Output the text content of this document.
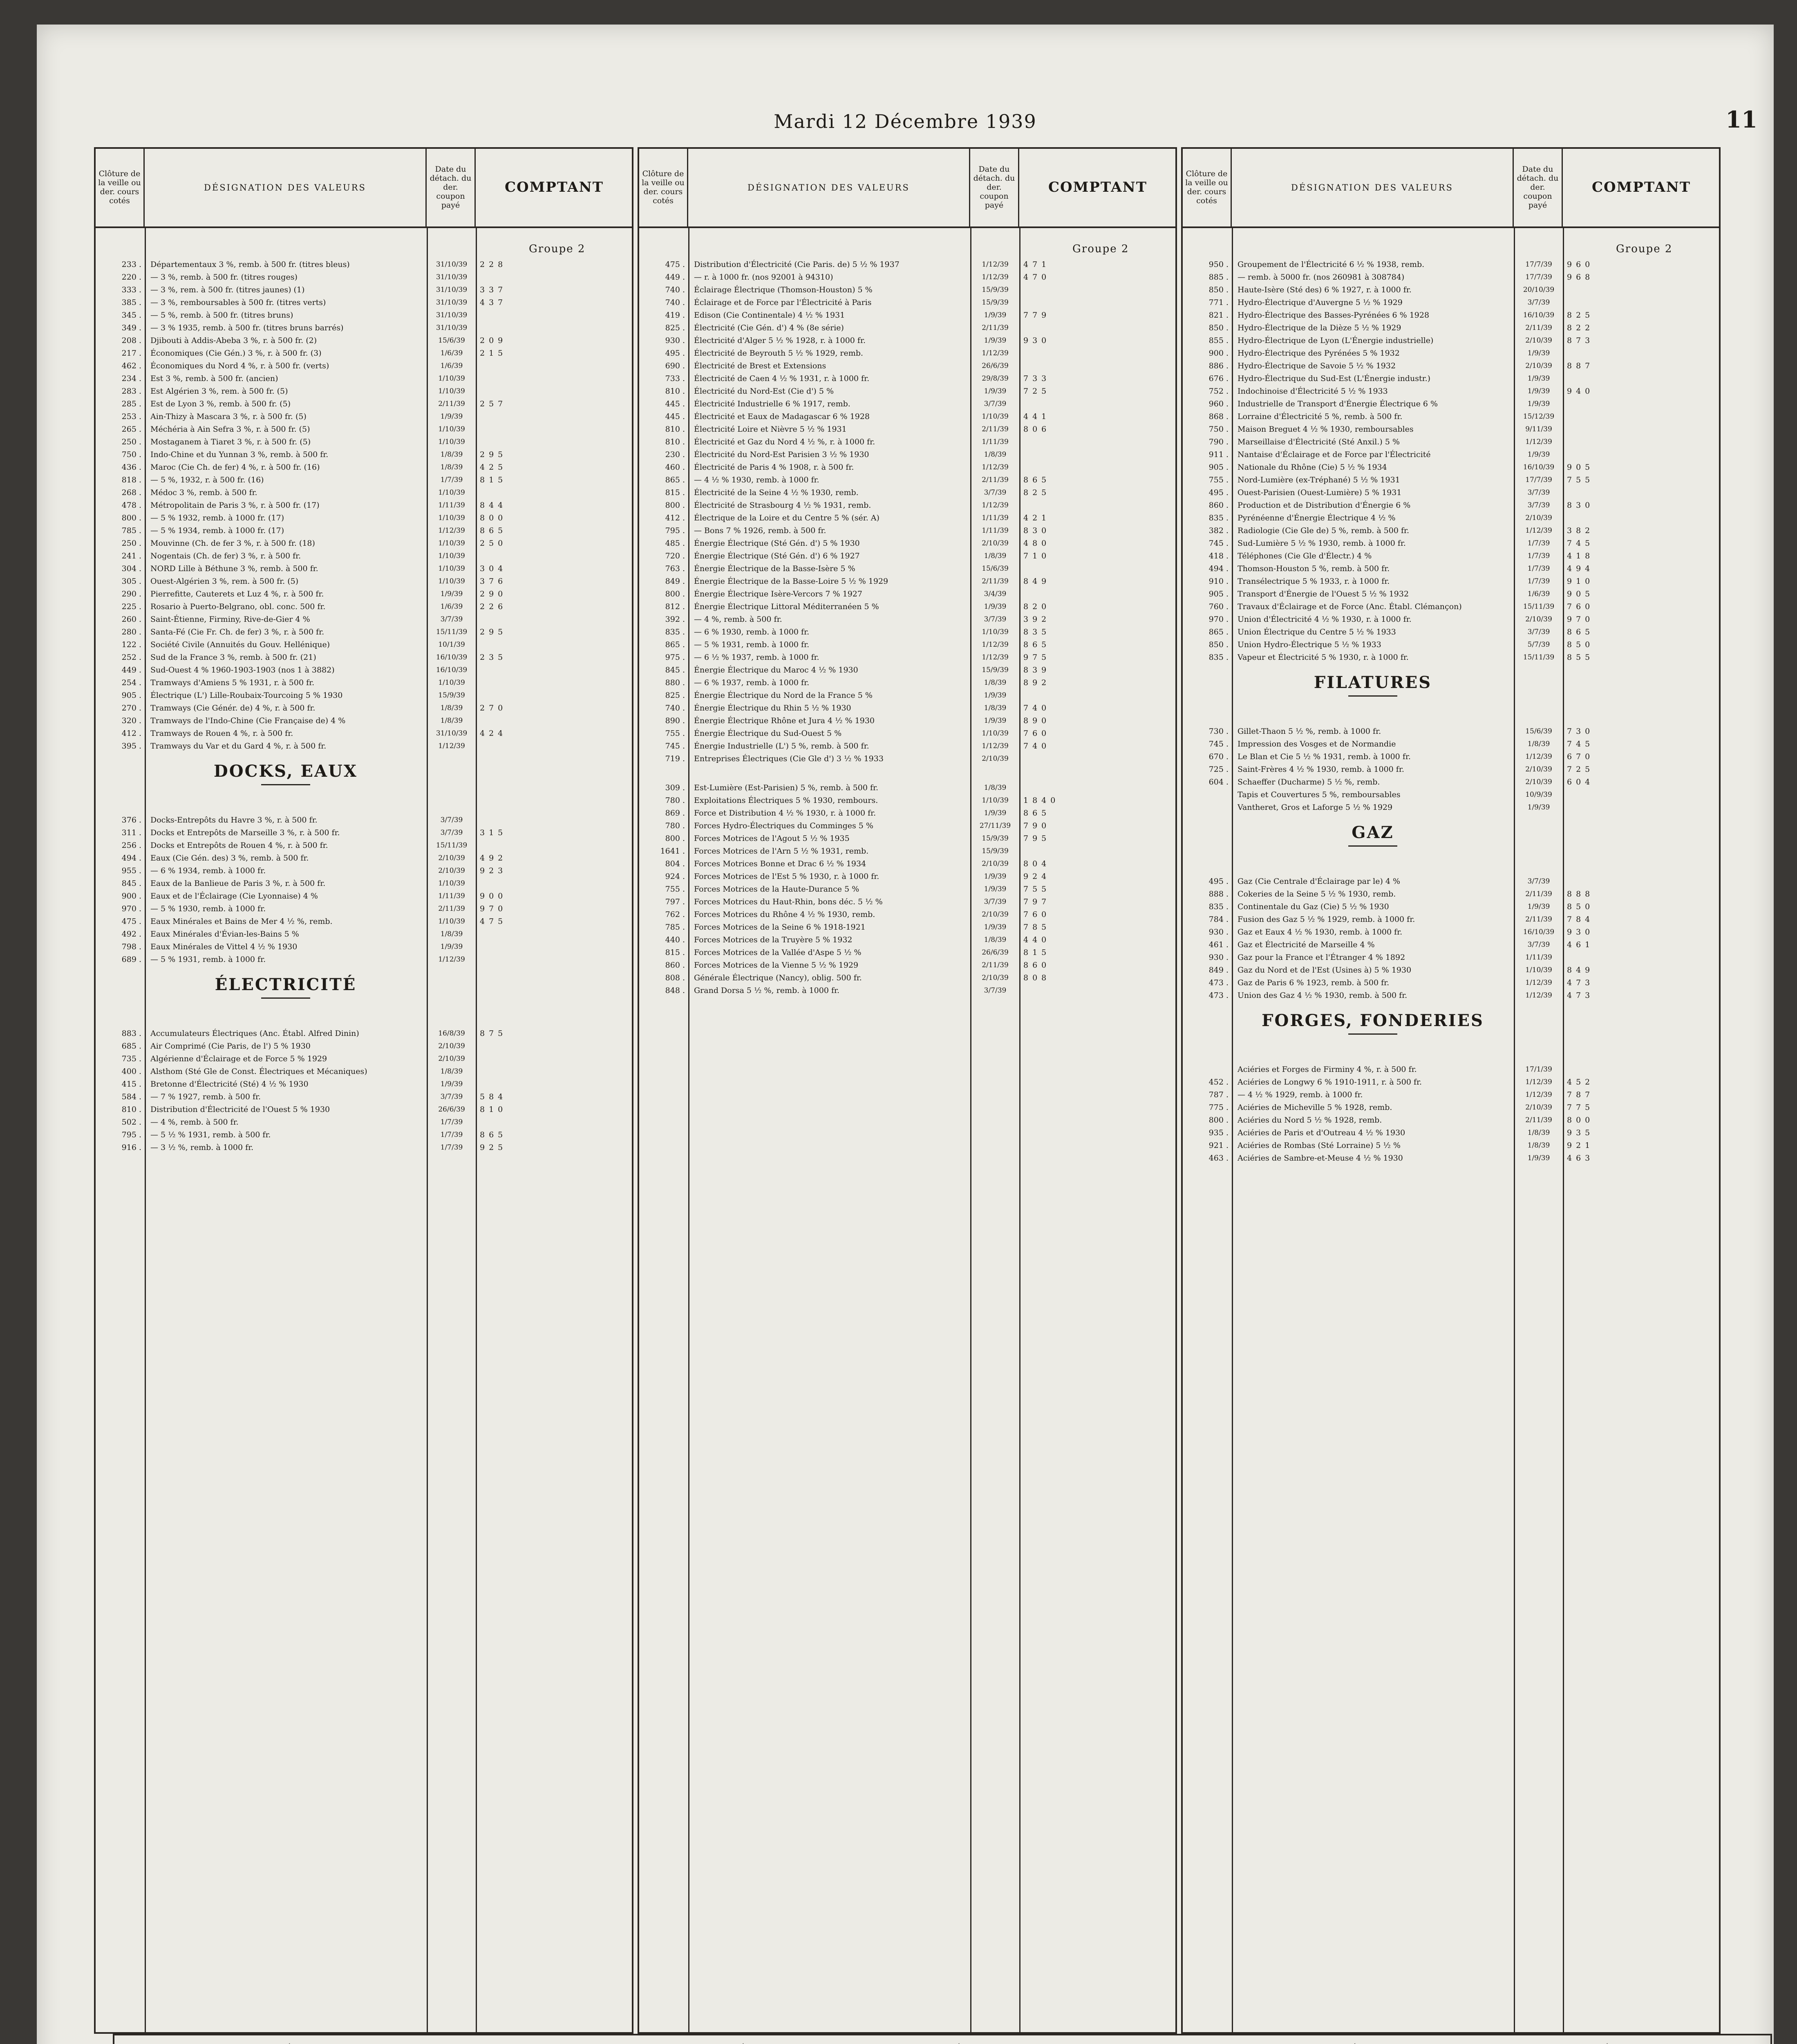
Mardi 12 Décembre 1939	11
Clôture de la veille ou der. cours cotés
DÉSIGNATION DES VALEURS
Date du détach. du der. coupon payé
COMPTANT
Groupe 2
233 . Départementaux 3 %, remb. à 500 fr. (titres bleus)	31/10/39	228
220 . — 3 %, remb. à 500 fr. (titres rouges)	31/10/39
333 . — 3 %, rem. à 500 fr. (titres jaunes) (1)	31/10/39	337
385 . — 3 %, remboursables à 500 fr. (titres verts)	31/10/39	437
345 . — 5 %, remb. à 500 fr. (titres bruns)	31/10/39
349 . — 3 % 1935, remb. à 500 fr. (titres bruns barrés)	31/10/39
208 . Djibouti à Addis-Abeba 3 %, r. à 500 fr. (2)	15/6/39	209
217 . Économiques (Cie Gén.) 3 %, r. à 500 fr. (3)	1/6/39	215
462 . Économiques du Nord 4 %, r. à 500 fr. (verts)	1/6/39
234 . Est 3 %, remb. à 500 fr. (ancien)	1/10/39
283 . Est Algérien 3 %, rem. à 500 fr. (5)	1/10/39
285 . Est de Lyon 3 %, remb. à 500 fr. (5)	2/11/39	257
253 . Ain-Thizy à Mascara 3 %, r. à 500 fr. (5)	1/9/39
265 . Méchéria à Ain Sefra 3 %, r. à 500 fr. (5)	1/10/39
250 . Mostaganem à Tiaret 3 %, r. à 500 fr. (5)	1/10/39
750 . Indo-Chine et du Yunnan 3 %, remb. à 500 fr.	1/8/39	295
436 . Maroc (Cie Ch. de fer) 4 %, r. à 500 fr. (16)	1/8/39	425
818 . — 5 %, 1932, r. à 500 fr. (16)	1/7/39	815
268 . Médoc 3 %, remb. à 500 fr.	1/10/39
478 . Métropolitain de Paris 3 %, r. à 500 fr. (17)	1/11/39	844
800 . — 5 % 1932, remb. à 1000 fr. (17)	1/10/39	800
785 . — 5 % 1934, remb. à 1000 fr. (17)	1/12/39	865
250 . Mouvinne (Ch. de fer 3 %, r. à 500 fr. (18)	1/10/39	250
241 . Nogentais (Ch. de fer) 3 %, r. à 500 fr.	1/10/39
304 . NORD Lille à Béthune 3 %, remb. à 500 fr.	1/10/39	304
305 . Ouest-Algérien 3 %, rem. à 500 fr. (5)	1/10/39	376
290 . Pierrefitte, Cauterets et Luz 4 %, r. à 500 fr.	1/9/39	290
225 . Rosario à Puerto-Belgrano, obl. conc. 500 fr.	1/6/39	226
260 . Saint-Étienne, Firminy, Rive-de-Gier 4 %	3/7/39
280 . Santa-Fé (Cie Fr. Ch. de fer) 3 %, r. à 500 fr.	15/11/39	295
122 . Société Civile (Annuités du Gouv. Hellénique)	10/1/39
252 . Sud de la France 3 %, remb. à 500 fr. (21)	16/10/39	235
449 . Sud-Ouest 4 % 1960-1903-1903 (nos 1 à 3882)	16/10/39
254 . Tramways d'Amiens 5 % 1931, r. à 500 fr.	1/10/39
905 . Électrique (L') Lille-Roubaix-Tourcoing 5 % 1930	15/9/39
270 . Tramways (Cie Génér. de) 4 %, r. à 500 fr.	1/8/39	270
320 . Tramways de l'Indo-Chine (Cie Française de) 4 %	1/8/39
412 . Tramways de Rouen 4 %, r. à 500 fr.	31/10/39	424
395 . Tramways du Var et du Gard 4 %, r. à 500 fr.	1/12/39
DOCKS, EAUX
376 . Docks-Entrepôts du Havre 3 %, r. à 500 fr.	3/7/39
311 . Docks et Entrepôts de Marseille 3 %, r. à 500 fr.	3/7/39	315
256 . Docks et Entrepôts de Rouen 4 %, r. à 500 fr.	15/11/39
494 . Eaux (Cie Gén. des) 3 %, remb. à 500 fr.	2/10/39	492
955 . — 6 % 1934, remb. à 1000 fr.	2/10/39	923
845 . Eaux de la Banlieue de Paris 3 %, r. à 500 fr.	1/10/39
900 . Eaux et de l'Éclairage (Cie Lyonnaise) 4 %	1/11/39	900
970 . — 5 % 1930, remb. à 1000 fr.	2/11/39	970
475 . Eaux Minérales et Bains de Mer 4 ½ %, remb.	1/10/39	475
492 . Eaux Minérales d'Évian-les-Bains 5 %	1/8/39
798 . Eaux Minérales de Vittel 4 ½ % 1930	1/9/39
689 . — 5 % 1931, remb. à 1000 fr.	1/12/39
ÉLECTRICITÉ
883 . Accumulateurs Électriques (Anc. Établ. Alfred Dinin)	16/8/39	875
685 . Air Comprimé (Cie Paris, de l') 5 % 1930	2/10/39
735 . Algérienne d'Éclairage et de Force 5 % 1929	2/10/39
400 . Alsthom (Sté Gle de Const. Électriques et Mécaniques)	1/8/39
415 . Bretonne d'Électricité (Sté) 4 ½ % 1930	1/9/39
584 . — 7 % 1927, remb. à 500 fr.	3/7/39	584
810 . Distribution d'Électricité de l'Ouest 5 % 1930	26/6/39	810
502 . — 4 %, remb. à 500 fr.	1/7/39
795 . — 5 ½ % 1931, remb. à 500 fr.	1/7/39	865
916 . — 3 ½ %, remb. à 1000 fr.	1/7/39	925
Clôture de la veille ou der. cours cotés
DÉSIGNATION DES VALEURS
Date du détach. du der. coupon payé
COMPTANT
Groupe 2
475 . Distribution d'Électricité (Cie Paris. de) 5 ½ % 1937	1/12/39	471
449 . — r. à 1000 fr. (nos 92001 à 94310)	1/12/39	470
740 . Éclairage Électrique (Thomson-Houston) 5 %	15/9/39
740 . Éclairage et de Force par l'Électricité à Paris	15/9/39
419 . Edison (Cie Continentale) 4 ½ % 1931	1/9/39	779
825 . Électricité (Cie Gén. d') 4 % (8e série)	2/11/39
930 . Électricité d'Alger 5 ½ % 1928, r. à 1000 fr.	1/9/39	930
495 . Électricité de Beyrouth 5 ½ % 1929, remb.	1/12/39
690 . Électricité de Brest et Extensions	26/6/39
733 . Électricité de Caen 4 ½ % 1931, r. à 1000 fr.	29/8/39	733
810 . Électricité du Nord-Est (Cie d') 5 %	1/9/39	725
445 . Électricité Industrielle 6 % 1917, remb.	3/7/39
445 . Électricité et Eaux de Madagascar 6 % 1928	1/10/39	441
810 . Électricité Loire et Nièvre 5 ½ % 1931	2/11/39	806
810 . Électricité et Gaz du Nord 4 ½ %, r. à 1000 fr.	1/11/39
230 . Électricité du Nord-Est Parisien 3 ½ % 1930	1/8/39
460 . Électricité de Paris 4 % 1908, r. à 500 fr.	1/12/39
865 . — 4 ½ % 1930, remb. à 1000 fr.	2/11/39	865
815 . Électricité de la Seine 4 ½ % 1930, remb.	3/7/39	825
800 . Électricité de Strasbourg 4 ½ % 1931, remb.	1/12/39
412 . Électrique de la Loire et du Centre 5 % (sér. A)	1/11/39	421
795 . — Bons 7 % 1926, remb. à 500 fr.	1/11/39	830
485 . Énergie Électrique (Sté Gén. d') 5 % 1930	2/10/39	480
720 . Énergie Électrique (Sté Gén. d') 6 % 1927	1/8/39	710
763 . Énergie Électrique de la Basse-Isère 5 %	15/6/39
849 . Énergie Électrique de la Basse-Loire 5 ½ % 1929	2/11/39	849
800 . Énergie Électrique Isère-Vercors 7 % 1927	3/4/39
812 . Énergie Électrique Littoral Méditerranéen 5 %	1/9/39	820
392 . — 4 %, remb. à 500 fr.	3/7/39	392
835 . — 6 % 1930, remb. à 1000 fr.	1/10/39	835
865 . — 5 % 1931, remb. à 1000 fr.	1/12/39	865
975 . — 6 ½ % 1937, remb. à 1000 fr.	1/12/39	975
845 . Énergie Électrique du Maroc 4 ½ % 1930	15/9/39	839
880 . — 6 % 1937, remb. à 1000 fr.	1/8/39	892
825 . Énergie Électrique du Nord de la France 5 %	1/9/39
740 . Énergie Électrique du Rhin 5 ½ % 1930	1/8/39	740
890 . Énergie Électrique Rhône et Jura 4 ½ % 1930	1/9/39	890
755 . Énergie Électrique du Sud-Ouest 5 %	1/10/39	760
745 . Énergie Industrielle (L') 5 %, remb. à 500 fr.	1/12/39	740
719 . Entreprises Électriques (Cie Gle d') 3 ½ % 1933	2/10/39
309 . Est-Lumière (Est-Parisien) 5 %, remb. à 500 fr.	1/8/39
780 . Exploitations Électriques 5 % 1930, rembours.	1/10/39	1840
869 . Force et Distribution 4 ½ % 1930, r. à 1000 fr.	1/9/39	865
780 . Forces Hydro-Électriques du Comminges 5 %	27/11/39	790
800 . Forces Motrices de l'Agout 5 ½ % 1935	15/9/39	795
1641 . Forces Motrices de l'Arn 5 ½ % 1931, remb.	15/9/39
804 . Forces Motrices Bonne et Drac 6 ½ % 1934	2/10/39	804
924 . Forces Motrices de l'Est 5 % 1930, r. à 1000 fr.	1/9/39	924
755 . Forces Motrices de la Haute-Durance 5 %	1/9/39	755
797 . Forces Motrices du Haut-Rhin, bons déc. 5 ½ %	3/7/39	797
762 . Forces Motrices du Rhône 4 ½ % 1930, remb.	2/10/39	760
785 . Forces Motrices de la Seine 6 % 1918-1921	1/9/39	785
440 . Forces Motrices de la Truyère 5 % 1932	1/8/39	440
815 . Forces Motrices de la Vallée d'Aspe 5 ½ %	26/6/39	815
860 . Forces Motrices de la Vienne 5 ½ % 1929	2/11/39	860
808 . Générale Électrique (Nancy), oblig. 500 fr.	2/10/39	808
848 . Grand Dorsa 5 ½ %, remb. à 1000 fr.	3/7/39
Clôture de la veille ou der. cours cotés
DÉSIGNATION DES VALEURS
Date du détach. du der. coupon payé
COMPTANT
Groupe 2
950 . Groupement de l'Électricité 6 ½ % 1938, remb.	17/7/39	960
885 . — remb. à 5000 fr. (nos 260981 à 308784)	17/7/39	968
850 . Haute-Isère (Sté des) 6 % 1927, r. à 1000 fr.	20/10/39
771 . Hydro-Électrique d'Auvergne 5 ½ % 1929	3/7/39
821 . Hydro-Électrique des Basses-Pyrénées 6 % 1928	16/10/39	825
850 . Hydro-Électrique de la Dièze 5 ½ % 1929	2/11/39	822
855 . Hydro-Électrique de Lyon (L'Énergie industrielle)	2/10/39	873
900 . Hydro-Électrique des Pyrénées 5 % 1932	1/9/39
886 . Hydro-Électrique de Savoie 5 ½ % 1932	2/10/39	887
676 . Hydro-Électrique du Sud-Est (L'Énergie industr.)	1/9/39
752 . Indochinoise d'Électricité 5 ½ % 1933	1/9/39	940
960 . Industrielle de Transport d'Énergie Électrique 6 %	1/9/39
868 . Lorraine d'Électricité 5 %, remb. à 500 fr.	15/12/39
750 . Maison Breguet 4 ½ % 1930, remboursables	9/11/39
790 . Marseillaise d'Électricité (Sté Anxil.) 5 %	1/12/39
911 . Nantaise d'Éclairage et de Force par l'Électricité	1/9/39
905 . Nationale du Rhône (Cie) 5 ½ % 1934	16/10/39	905
755 . Nord-Lumière (ex-Tréphané) 5 ½ % 1931	17/7/39	755
495 . Ouest-Parisien (Ouest-Lumière) 5 % 1931	3/7/39
860 . Production et de Distribution d'Énergie 6 %	3/7/39	830
835 . Pyrénéenne d'Énergie Électrique 4 ½ %	2/10/39
382 . Radiologie (Cie Gle de) 5 %, remb. à 500 fr.	1/12/39	382
745 . Sud-Lumière 5 ½ % 1930, remb. à 1000 fr.	1/7/39	745
418 . Téléphones (Cie Gle d'Électr.) 4 %	1/7/39	418
494 . Thomson-Houston 5 %, remb. à 500 fr.	1/7/39	494
910 . Transélectrique 5 % 1933, r. à 1000 fr.	1/7/39	910
905 . Transport d'Énergie de l'Ouest 5 ½ % 1932	1/6/39	905
760 . Travaux d'Éclairage et de Force (Anc. Établ. Clémançon)	15/11/39	760
970 . Union d'Électricité 4 ½ % 1930, r. à 1000 fr.	2/10/39	970
865 . Union Électrique du Centre 5 ½ % 1933	3/7/39	865
850 . Union Hydro-Électrique 5 ½ % 1933	5/7/39	850
835 . Vapeur et Électricité 5 % 1930, r. à 1000 fr.	15/11/39	855
FILATURES
730 . Gillet-Thaon 5 ½ %, remb. à 1000 fr.	15/6/39	730
745 . Impression des Vosges et de Normandie	1/8/39	745
670 . Le Blan et Cie 5 ½ % 1931, remb. à 1000 fr.	1/12/39	670
725 . Saint-Frères 4 ½ % 1930, remb. à 1000 fr.	2/10/39	725
604 . Schaeffer (Ducharme) 5 ½ %, remb.	2/10/39	604
Tapis et Couvertures 5 %, remboursables	10/9/39
Vantheret, Gros et Laforge 5 ½ % 1929	1/9/39
GAZ
495 . Gaz (Cie Centrale d'Éclairage par le) 4 %	3/7/39
888 . Cokeries de la Seine 5 ½ % 1930, remb.	2/11/39	888
835 . Continentale du Gaz (Cie) 5 ½ % 1930	1/9/39	850
784 . Fusion des Gaz 5 ½ % 1929, remb. à 1000 fr.	2/11/39	784
930 . Gaz et Eaux 4 ½ % 1930, remb. à 1000 fr.	16/10/39	930
461 . Gaz et Électricité de Marseille 4 %	3/7/39	461
930 . Gaz pour la France et l'Étranger 4 % 1892	1/11/39
849 . Gaz du Nord et de l'Est (Usines à) 5 % 1930	1/10/39	849
473 . Gaz de Paris 6 % 1923, remb. à 500 fr.	1/12/39	473
473 . Union des Gaz 4 ½ % 1930, remb. à 500 fr.	1/12/39	473
FORGES, FONDERIES
Aciéries et Forges de Firminy 4 %, r. à 500 fr.	17/1/39
452 . Aciéries de Longwy 6 % 1910-1911, r. à 500 fr.	1/12/39	452
787 . — 4 ½ % 1929, remb. à 1000 fr.	1/12/39	787
775 . Aciéries de Micheville 5 % 1928, remb.	2/10/39	775
800 . Aciéries du Nord 5 ½ % 1928, remb.	2/11/39	800
935 . Aciéries de Paris et d'Outreau 4 ½ % 1930	1/8/39	935
921 . Aciéries de Rombas (Sté Lorraine) 5 ½ %	1/8/39	921
463 . Aciéries de Sambre-et-Meuse 4 ½ % 1930	1/9/39	463
